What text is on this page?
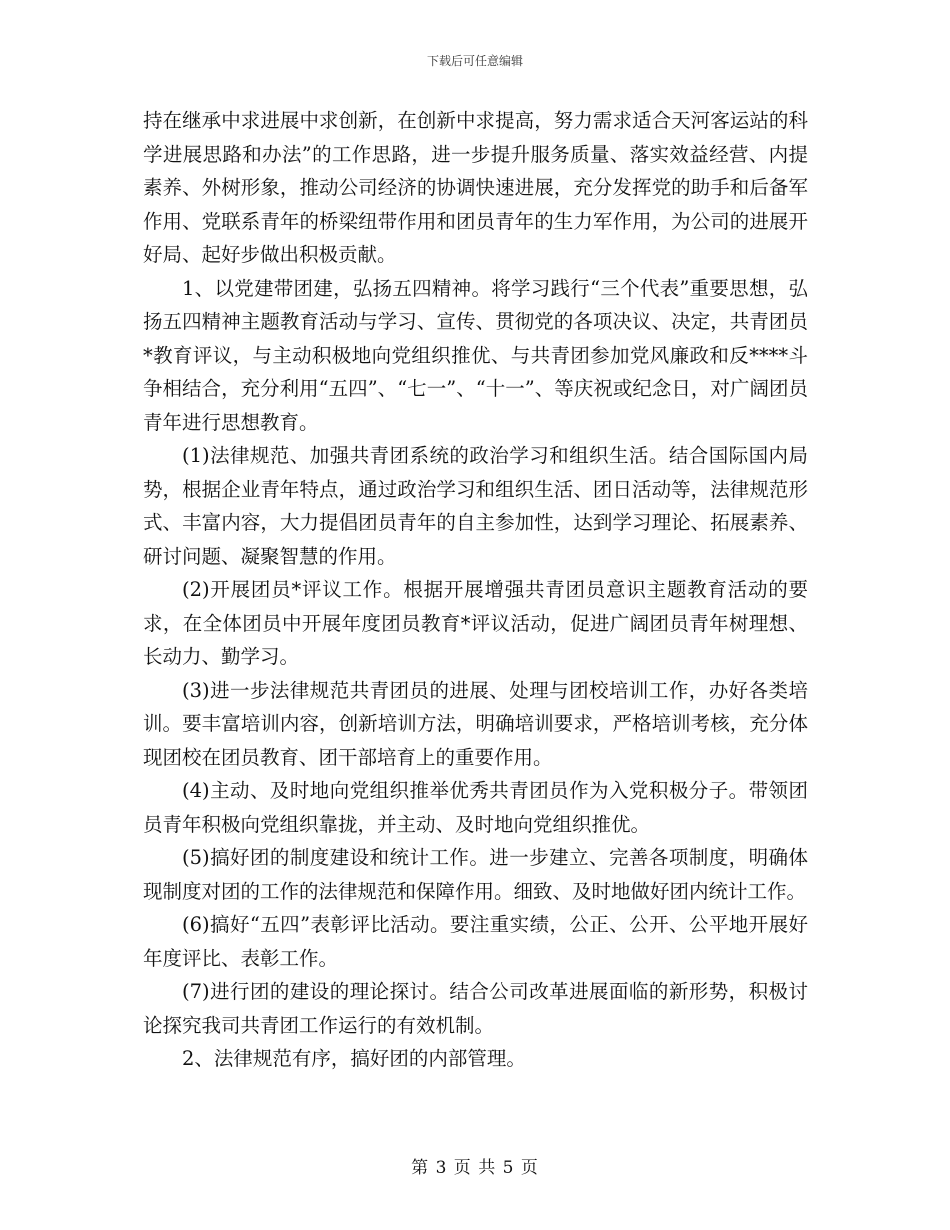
下载后可任意编辑

持在继承中求进展中求创新，在创新中求提高，努力需求适合天河客运站的科学进展思路和办法”的工作思路，进一步提升服务质量、落实效益经营、内提素养、外树形象，推动公司经济的协调快速进展，充分发挥党的助手和后备军作用、党联系青年的桥梁纽带作用和团员青年的生力军作用，为公司的进展开好局、起好步做出积极贡献。

1、以党建带团建，弘扬五四精神。将学习践行“三个代表”重要思想，弘扬五四精神主题教育活动与学习、宣传、贯彻党的各项决议、决定，共青团员*教育评议，与主动积极地向党组织推优、与共青团参加党风廉政和反****斗争相结合，充分利用“五四”、“七一”、“十一”、等庆祝或纪念日，对广阔团员青年进行思想教育。

(1)法律规范、加强共青团系统的政治学习和组织生活。结合国际国内局势，根据企业青年特点，通过政治学习和组织生活、团日活动等，法律规范形式、丰富内容，大力提倡团员青年的自主参加性，达到学习理论、拓展素养、研讨问题、凝聚智慧的作用。

(2)开展团员*评议工作。根据开展增强共青团员意识主题教育活动的要求，在全体团员中开展年度团员教育*评议活动，促进广阔团员青年树理想、长动力、勤学习。

(3)进一步法律规范共青团员的进展、处理与团校培训工作，办好各类培训。要丰富培训内容，创新培训方法，明确培训要求，严格培训考核，充分体现团校在团员教育、团干部培育上的重要作用。

(4)主动、及时地向党组织推举优秀共青团员作为入党积极分子。带领团员青年积极向党组织靠拢，并主动、及时地向党组织推优。

(5)搞好团的制度建设和统计工作。进一步建立、完善各项制度，明确体现制度对团的工作的法律规范和保障作用。细致、及时地做好团内统计工作。

(6)搞好“五四”表彰评比活动。要注重实绩，公正、公开、公平地开展好年度评比、表彰工作。

(7)进行团的建设的理论探讨。结合公司改革进展面临的新形势，积极讨论探究我司共青团工作运行的有效机制。

2、法律规范有序，搞好团的内部管理。

第 3 页 共 5 页
